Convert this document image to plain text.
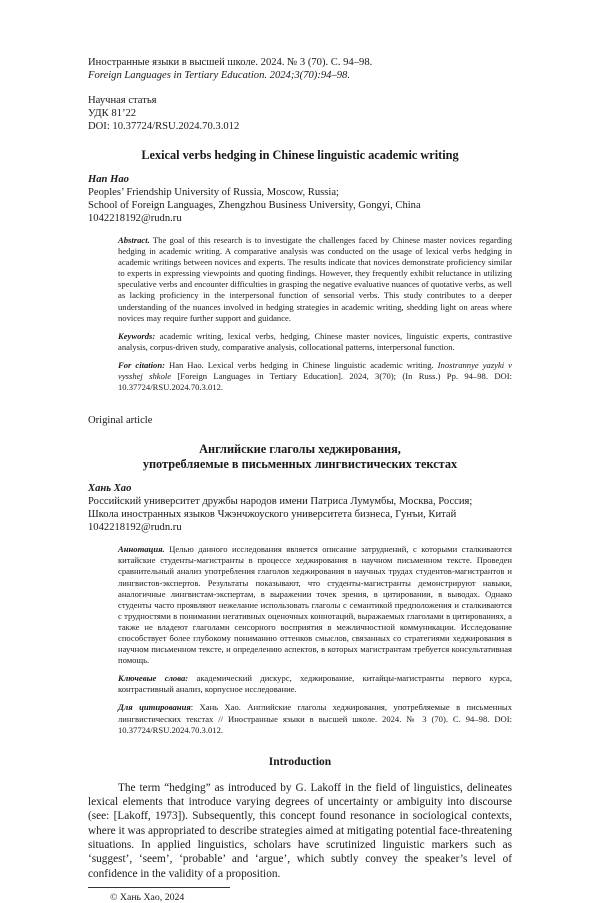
Иностранные языки в высшей школе. 2024. № 3 (70). С. 94–98.
Foreign Languages in Tertiary Education. 2024;3(70):94–98.
Научная статья
УДК 81’22
DOI: 10.37724/RSU.2024.70.3.012
Lexical verbs hedging in Chinese linguistic academic writing
Han Hao
Peoples’ Friendship University of Russia, Moscow, Russia;
School of Foreign Languages, Zhengzhou Business University, Gongyi, China
1042218192@rudn.ru
Abstract. The goal of this research is to investigate the challenges faced by Chinese master novices regarding hedging in academic writing. A comparative analysis was conducted on the usage of lexical verbs hedging in academic writings between novices and experts. The results indicate that novices demonstrate proficiency similar to experts in expressing viewpoints and quoting findings. However, they frequently exhibit reluctance in utilizing speculative verbs and encounter difficulties in grasping the negative evaluative nuances of quotative verbs, as well as lacking proficiency in the interpersonal function of sensorial verbs. This study contributes to a deeper understanding of the nuances involved in hedging strategies in academic writing, shedding light on areas where novices may require further support and guidance.
Keywords: academic writing, lexical verbs, hedging, Chinese master novices, linguistic experts, contrastive analysis, corpus-driven study, comparative analysis, collocational patterns, interpersonal function.
For citation: Han Hao. Lexical verbs hedging in Chinese linguistic academic writing. Inostrannye yazyki v vysshej shkole [Foreign Languages in Tertiary Education]. 2024, 3(70); (In Russ.) Pp. 94–98. DOI: 10.37724/RSU.2024.70.3.012.
Original article
Английские глаголы хеджирования,
употребляемые в письменных лингвистических текстах
Хань Хао
Российский университет дружбы народов имени Патриса Лумумбы, Москва, Россия;
Школа иностранных языков Чжэнчжоуского университета бизнеса, Гунъи, Китай
1042218192@rudn.ru
Аннотация. Целью данного исследования является описание затруднений, с которыми сталкиваются китайские студенты-магистранты в процессе хеджирования в научном письменном тексте. Проведен сравнительный анализ употребления глаголов хеджирования в научных трудах студентов-магистрантов и лингвистов-экспертов. Результаты показывают, что студенты-магистранты демонстрируют навыки, аналогичные лингвистам-экспертам, в выражении точек зрения, в цитировании, в выводах. Однако студенты часто проявляют нежелание использовать глаголы с семантикой предположения и сталкиваются с трудностями в понимании негативных оценочных коннотаций, выражаемых глаголами в цитированиях, а также не владеют глаголами сенсорного восприятия в межличностной коммуникации. Исследование способствует более глубокому пониманию оттенков смыслов, связанных со стратегиями хеджирования в научном письменном тексте, и определению аспектов, в которых магистрантам требуется консультативная помощь.
Ключевые слова: академический дискурс, хеджирование, китайцы-магистранты первого курса, контрастивный анализ, корпусное исследование.
Для цитирования: Хань Хао. Английские глаголы хеджирования, употребляемые в письменных лингвистических текстах // Иностранные языки в высшей школе. 2024. № 3 (70). С. 94–98. DOI: 10.37724/RSU.2024.70.3.012.
Introduction
The term “hedging” as introduced by G. Lakoff in the field of linguistics, delineates lexical elements that introduce varying degrees of uncertainty or ambiguity into discourse (see: [Lakoff, 1973]). Subsequently, this concept found resonance in sociological contexts, where it was appropriated to describe strategies aimed at mitigating potential face-threatening situations. In applied linguistics, scholars have scrutinized linguistic markers such as ‘suggest’, ‘seem’, ‘probable’ and ‘argue’, which subtly convey the speaker’s level of confidence in the validity of a proposition.
© Хань Хао, 2024
